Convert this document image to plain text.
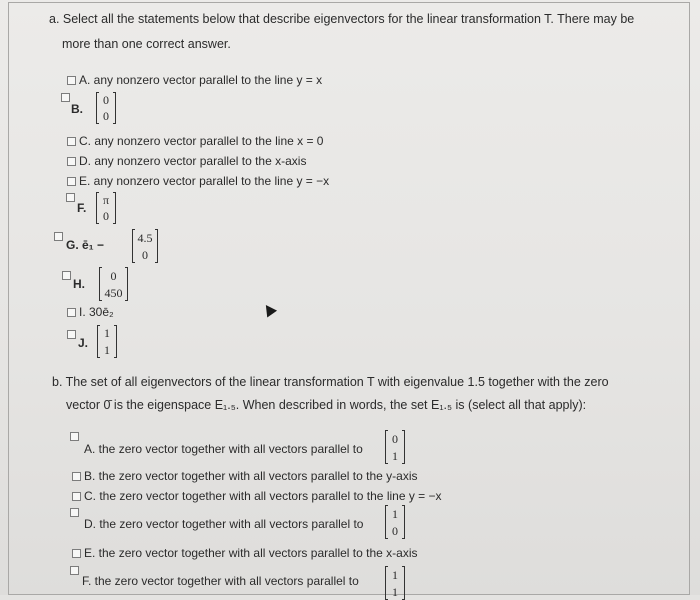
a. Select all the statements below that describe eigenvectors for the linear transformation T. There may be
more than one correct answer.
A. any nonzero vector parallel to the line y = x
B.
0
0
C. any nonzero vector parallel to the line x = 0
D. any nonzero vector parallel to the x-axis
E. any nonzero vector parallel to the line y = −x
F.
π
0
G. ē₁ −
4.5
0
H.
0
450
I. 30ē₂
J.
1
1
b. The set of all eigenvectors of the linear transformation T with eigenvalue 1.5 together with the zero
vector 0̄ is the eigenspace E₁.₅. When described in words, the set E₁.₅ is (select all that apply):
A. the zero vector together with all vectors parallel to
0
1
B. the zero vector together with all vectors parallel to the y-axis
C. the zero vector together with all vectors parallel to the line y = −x
D. the zero vector together with all vectors parallel to
1
0
E. the zero vector together with all vectors parallel to the x-axis
F. the zero vector together with all vectors parallel to	1
1
